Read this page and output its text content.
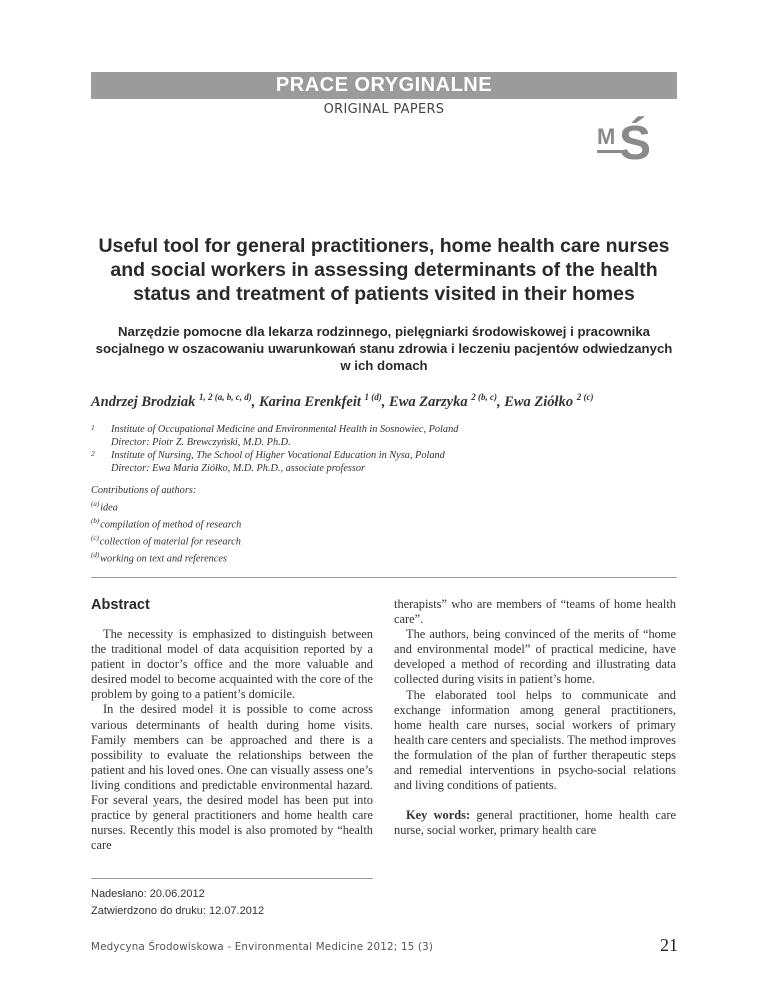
PRACE ORYGINALNE
ORIGINAL PAPERS
M Ś
Useful tool for general practitioners, home health care nurses and social workers in assessing determinants of the health status and treatment of patients visited in their homes
Narzędzie pomocne dla lekarza rodzinnego, pielęgniarki środowiskowej i pracownika socjalnego w oszacowaniu uwarunkowań stanu zdrowia i leczeniu pacjentów odwiedzanych w ich domach
Andrzej Brodziak $^{1, 2 (a, b, c, d)}$, Karina Erenkfeit $^{1 (d)}$, Ewa Zarzyka $^{2 (b, c)}$, Ewa Ziółko $^{2 (c)}$
1	Institute of Occupational Medicine and Environmental Health in Sosnowiec, Poland
Director: Piotr Z. Brewczyński, M.D. Ph.D.
2	Institute of Nursing, The School of Higher Vocational Education in Nysa, Poland
Director: Ewa Maria Ziółko, M.D. Ph.D., associate professor
Contributions of authors:
$^{(a)}$idea
$^{(b)}$compilation of method of research
$^{(c)}$collection of material for research
$^{(d)}$working on text and references
Abstract

The necessity is emphasized to distinguish between the traditional model of data acquisition reported by a patient in doctor’s office and the more valuable and desired model to become acquainted with the core of the problem by going to a patient’s domicile.

In the desired model it is possible to come across various determinants of health during home visits. Family members can be approached and there is a possibility to evaluate the relationships between the patient and his loved ones. One can visually assess one’s living conditions and predictable environmental hazard. For several years, the desired model has been put into practice by general practitioners and home health care nurses. Recently this model is also promoted by “health care

therapists” who are members of “teams of home health care”.

The authors, being convinced of the merits of “home and environmental model” of practical medicine, have developed a method of recording and illustrating data collected during visits in patient’s home.

The elaborated tool helps to communicate and exchange information among general practitioners, home health care nurses, social workers of primary health care centers and specialists. The method improves the formulation of the plan of further therapeutic steps and remedial interventions in psycho-social relations and living conditions of patients.

Key words: general practitioner, home health care nurse, social worker, primary health care

Nadesłano: 20.06.2012
Zatwierdzono do druku: 12.07.2012
Medycyna Środowiskowa - Environmental Medicine 2012; 15 (3)	21
